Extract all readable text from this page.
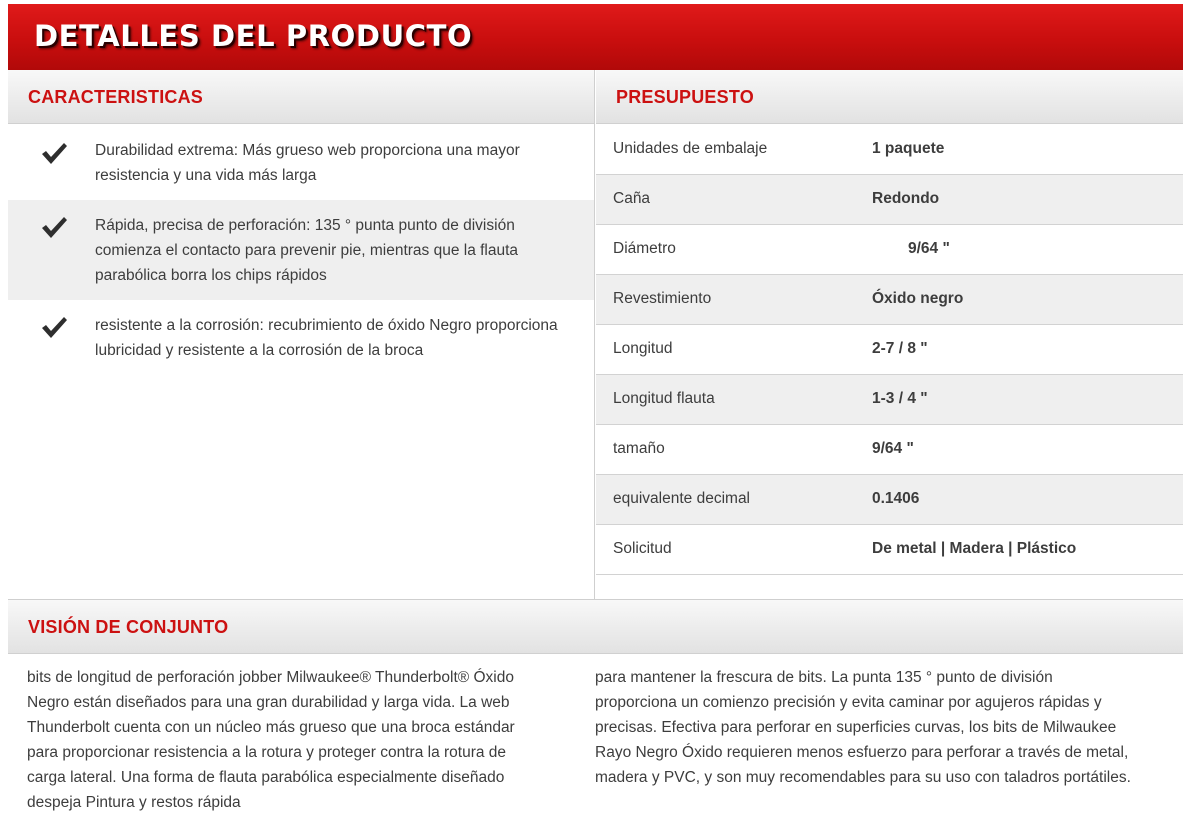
DETALLES DEL PRODUCTO
CARACTERISTICAS	PRESUPUESTO
Durabilidad extrema: Más grueso web proporciona una mayor resistencia y una vida más larga
Rápida, precisa de perforación: 135 ° punta punto de división comienza el contacto para prevenir pie, mientras que la flauta parabólica borra los chips rápidos
resistente a la corrosión: recubrimiento de óxido Negro proporciona lubricidad y resistente a la corrosión de la broca
Unidades de embalaje	1 paquete
Caña	Redondo
Diámetro	9/64 "
Revestimiento	Óxido negro
Longitud	2-7 / 8 "
Longitud flauta	1-3 / 4 "
tamaño	9/64 "
equivalente decimal	0.1406
Solicitud	De metal | Madera | Plástico
VISIÓN DE CONJUNTO
bits de longitud de perforación jobber Milwaukee® Thunderbolt® Óxido
Negro están diseñados para una gran durabilidad y larga vida. La web
Thunderbolt cuenta con un núcleo más grueso que una broca estándar
para proporcionar resistencia a la rotura y proteger contra la rotura de
carga lateral. Una forma de flauta parabólica especialmente diseñado
despeja Pintura y restos rápida
para mantener la frescura de bits. La punta 135 ° punto de división
proporciona un comienzo precisión y evita caminar por agujeros rápidas y
precisas. Efectiva para perforar en superficies curvas, los bits de Milwaukee
Rayo Negro Óxido requieren menos esfuerzo para perforar a través de metal,
madera y PVC, y son muy recomendables para su uso con taladros portátiles.
